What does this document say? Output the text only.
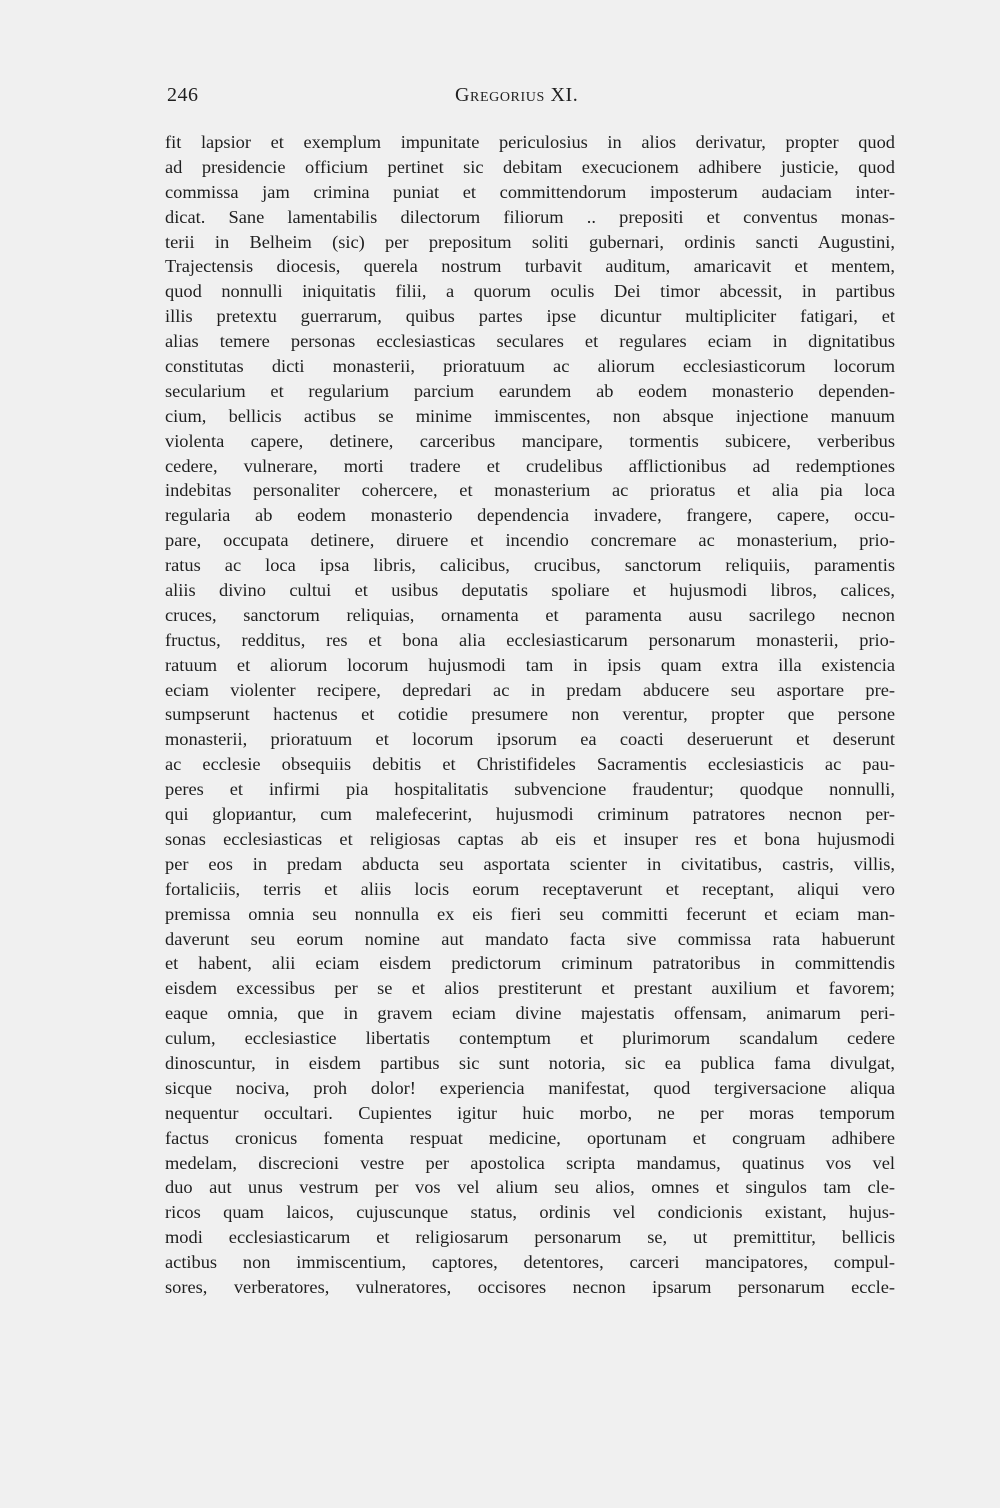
246	Gregorius XI.
fit lapsior et exemplum impunitate periculosius in alios derivatur, propter quod
ad presidencie officium pertinet sic debitam execucionem adhibere justicie, quod
commissa jam crimina puniat et committendorum imposterum audaciam inter-
dicat. Sane lamentabilis dilectorum filiorum .. prepositi et conventus monas-
terii in Belheim (sic) per prepositum soliti gubernari, ordinis sancti Augustini,
Trajectensis diocesis, querela nostrum turbavit auditum, amaricavit et mentem,
quod nonnulli iniquitatis filii, a quorum oculis Dei timor abcessit, in partibus
illis pretextu guerrarum, quibus partes ipse dicuntur multipliciter fatigari, et
alias temere personas ecclesiasticas seculares et regulares eciam in dignitatibus
constitutas dicti monasterii, prioratuum ac aliorum ecclesiasticorum locorum
secularium et regularium parcium earundem ab eodem monasterio dependen-
cium, bellicis actibus se minime immiscentes, non absque injectione manuum
violenta capere, detinere, carceribus mancipare, tormentis subicere, verberibus
cedere, vulnerare, morti tradere et crudelibus afflictionibus ad redemptiones
indebitas personaliter cohercere, et monasterium ac prioratus et alia pia loca
regularia ab eodem monasterio dependencia invadere, frangere, capere, occu-
pare, occupata detinere, diruere et incendio concremare ac monasterium, prio-
ratus ac loca ipsa libris, calicibus, crucibus, sanctorum reliquiis, paramentis
aliis divino cultui et usibus deputatis spoliare et hujusmodi libros, calices,
cruces, sanctorum reliquias, ornamenta et paramenta ausu sacrilego necnon
fructus, redditus, res et bona alia ecclesiasticarum personarum monasterii, prio-
ratuum et aliorum locorum hujusmodi tam in ipsis quam extra illa existencia
eciam violenter recipere, depredari ac in predam abducere seu asportare pre-
sumpserunt hactenus et cotidie presumere non verentur, propter que persone
monasterii, prioratuum et locorum ipsorum ea coacti deseruerunt et deserunt
ac ecclesie obsequiis debitis et Christifideles Sacramentis ecclesiasticis ac pau-
peres et infirmi pia hospitalitatis subvencione fraudentur; quodque nonnulli,
qui glориantur, cum malefecerint, hujusmodi criminum patratores necnon per-
sonas ecclesiasticas et religiosas captas ab eis et insuper res et bona hujusmodi
per eos in predam abducta seu asportata scienter in civitatibus, castris, villis,
fortaliciis, terris et aliis locis eorum receptaverunt et receptant, aliqui vero
premissa omnia seu nonnulla ex eis fieri seu committi fecerunt et eciam man-
daverunt seu eorum nomine aut mandato facta sive commissa rata habuerunt
et habent, alii eciam eisdem predictorum criminum patratoribus in committendis
eisdem excessibus per se et alios prestiterunt et prestant auxilium et favorem;
eaque omnia, que in gravem eciam divine majestatis offensam, animarum peri-
culum, ecclesiastice libertatis contemptum et plurimorum scandalum cedere
dinoscuntur, in eisdem partibus sic sunt notoria, sic ea publica fama divulgat,
sicque nociva, proh dolor! experiencia manifestat, quod tergiversacione aliqua
nequentur occultari. Cupientes igitur huic morbo, ne per moras temporum
factus cronicus fomenta respuat medicine, oportunam et congruam adhibere
medelam, discrecioni vestre per apostolica scripta mandamus, quatinus vos vel
duo aut unus vestrum per vos vel alium seu alios, omnes et singulos tam cle-
ricos quam laicos, cujuscunque status, ordinis vel condicionis existant, hujus-
modi ecclesiasticarum et religiosarum personarum se, ut premittitur, bellicis
actibus non immiscentium, captores, detentores, carceri mancipatores, compul-
sores, verberatores, vulneratores, occisores necnon ipsarum personarum eccle-
